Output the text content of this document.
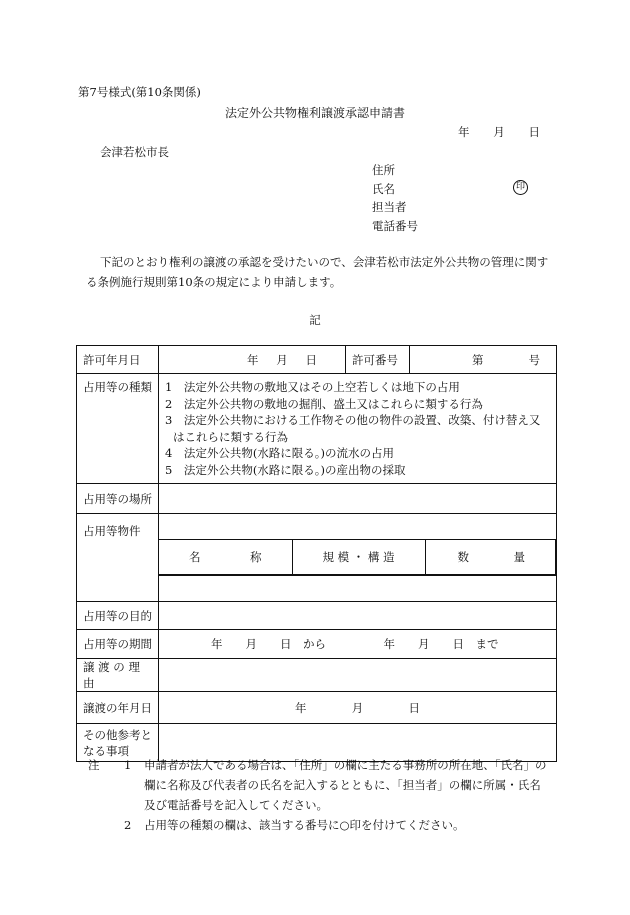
第7号様式(第10条関係)
法定外公共物権利譲渡承認申請書
年 月 日
会津若松市長
住所
氏名	印
担当者
電話番号
下記のとおり権利の譲渡の承認を受けたいので、会津若松市法定外公共物の管理に関する条例施行規則第10条の規定により申請します。
記
許可年月日	年 月 日	許可番号	第	号

占用等の種類	1　法定外公共物の敷地又はその上空若しくは地下の占用
2　法定外公共物の敷地の掘削、盛土又はこれらに類する行為
3　法定外公共物における工作物その他の物件の設置、改築、付け替え又
はこれらに類する行為
4　法定外公共物(水路に限る。)の流水の占用
5　法定外公共物(水路に限る。)の産出物の採取

占用等の場所	
占用等物件	
名	称	規 模 ・ 構 造	数	量

占用等の目的	
占用等の期間	年　　月　　日　から　　　　　年　　月　　日　まで
譲 渡 の 理 由	
譲渡の年月日	年	月	日

その他参考と
なる事項

注	1	申請者が法人である場合は、「住所」の欄に主たる事務所の所在地、「氏名」の欄に名称及び代表者の氏名を記入するとともに、「担当者」の欄に所属・氏名及び電話番号を記入してください。
2	占用等の種類の欄は、該当する番号に○印を付けてください。
